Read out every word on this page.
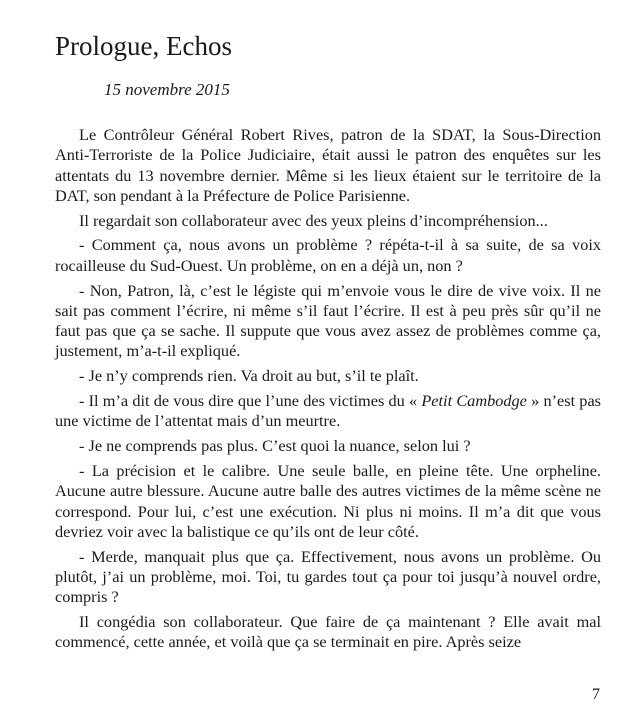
Prologue, Echos
15 novembre 2015

Le Contrôleur Général Robert Rives, patron de la SDAT, la Sous-Direction Anti-Terroriste de la Police Judiciaire, était aussi le patron des enquêtes sur les attentats du 13 novembre dernier. Même si les lieux étaient sur le territoire de la DAT, son pendant à la Préfecture de Police Parisienne.

Il regardait son collaborateur avec des yeux pleins d’incompréhension...

- Comment ça, nous avons un problème ? répéta-t-il à sa suite, de sa voix rocailleuse du Sud-Ouest. Un problème, on en a déjà un, non ?

- Non, Patron, là, c’est le légiste qui m’envoie vous le dire de vive voix. Il ne sait pas comment l’écrire, ni même s’il faut l’écrire. Il est à peu près sûr qu’il ne faut pas que ça se sache. Il suppute que vous avez assez de problèmes comme ça, justement, m’a-t-il expliqué.

- Je n’y comprends rien. Va droit au but, s’il te plaît.

- Il m’a dit de vous dire que l’une des victimes du « Petit Cambodge » n’est pas une victime de l’attentat mais d’un meurtre.

- Je ne comprends pas plus. C’est quoi la nuance, selon lui ?

- La précision et le calibre. Une seule balle, en pleine tête. Une orpheline. Aucune autre blessure. Aucune autre balle des autres victimes de la même scène ne correspond. Pour lui, c’est une exécution. Ni plus ni moins. Il m’a dit que vous devriez voir avec la balistique ce qu’ils ont de leur côté.

- Merde, manquait plus que ça. Effectivement, nous avons un problème. Ou plutôt, j’ai un problème, moi. Toi, tu gardes tout ça pour toi jusqu’à nouvel ordre, compris ?

Il congédia son collaborateur. Que faire de ça maintenant ? Elle avait mal commencé, cette année, et voilà que ça se terminait en pire. Après seize

7
